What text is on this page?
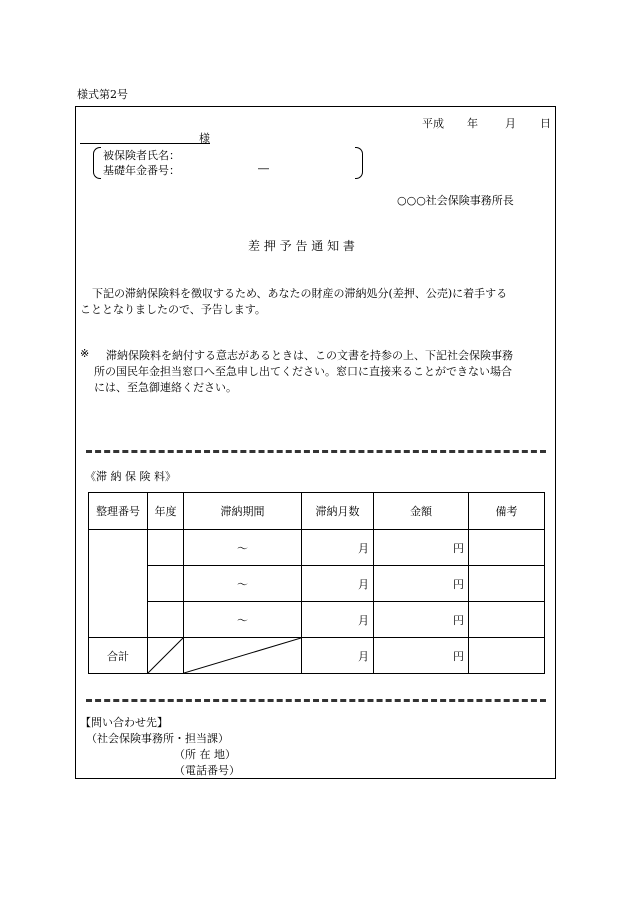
様式第2号
平成 年 月 日
様
被保険者氏名：
基礎年金番号：	―
○○○社会保険事務所長
差 押 予 告 通 知 書
下記の滞納保険料を徴収するため、あなたの財産の滞納処分(差押、公売)に着手する
こととなりましたので、予告します。
※ 滞納保険料を納付する意志があるときは、この文書を持参の上、下記社会保険事務
所の国民年金担当窓口へ至急申し出てください。窓口に直接来ることができない場合
には、至急御連絡ください。
《滞 納 保 険 料》
整理番号	年度	滞納期間	滞納月数	金額	備考
		〜	月	円	
		〜	月	円	
		〜	月	円	
合計			月	円	
【問い合わせ先】
（社会保険事務所・担当課）
（所 在 地）
（電話番号）
